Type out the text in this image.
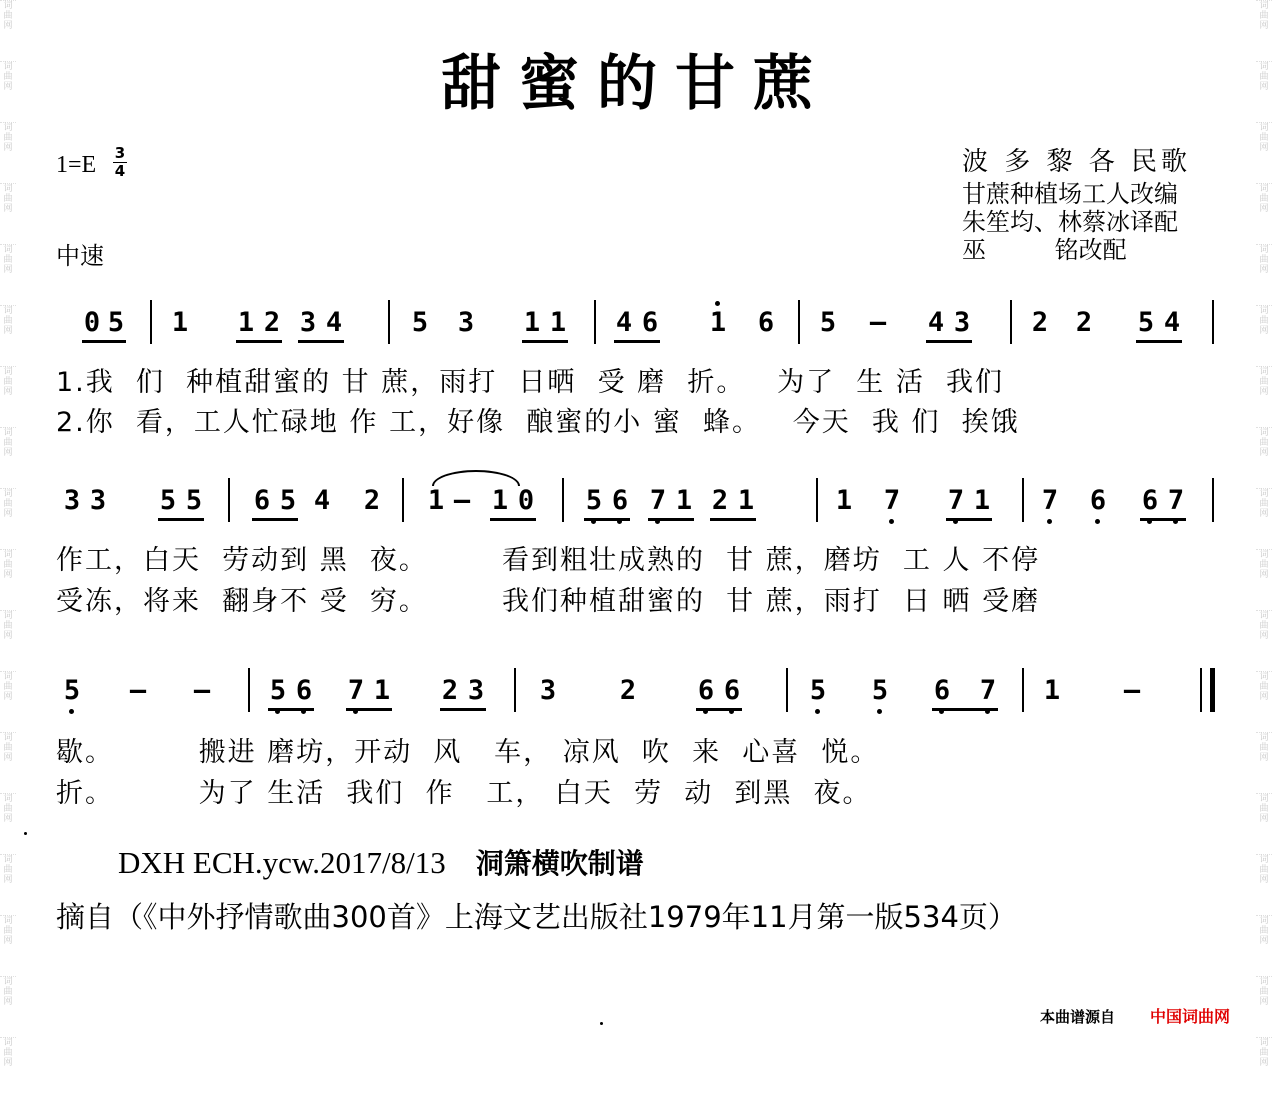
词
曲
网
词
曲
网
词
曲
网
词
曲
网
词
曲
网
词
曲
网
词
曲
网
词
曲
网
词
曲
网
词
曲
网
词
曲
网
词
曲
网
词
曲
网
词
曲
网
词
曲
网
词
曲
网
词
曲
网
词
曲
网
词
曲
网
词
曲
网
词
曲
网
词
曲
网
词
曲
网
词
曲
网
词
曲
网
词
曲
网
词
曲
网
词
曲
网
词
曲
网
词
曲
网
词
曲
网
词
曲
网
词
曲
网
词
曲
网
词
曲
网
词
曲
网
甜蜜的甘蔗
1=E 3
4
中速
波 多 黎 各 民歌
甘蔗种植场工人改编
朱笙均、林蔡冰译配
巫         铭改配
0 5 1 1 2 3 4	5 3 1 1 4 6 1 6 5 – 4 3 2 2 5 4
3 3 5 5 6 5 4 2 1 – 1 0 5 6 7 1 2 1	1 7 7 1 7 6 6 7
5 – – 5 6 7 1 2 3 3 2 6 6	5 5 6 7 1 –
1.我  们  种植甜蜜的 甘 蔗，雨打  日晒  受 磨  折。   为了  生 活  我们
2.你  看，工人忙碌地 作 工，好像  酿蜜的小 蜜  蜂。   今天  我 们  挨饿
作工，白天  劳动到 黑  夜。       看到粗壮成熟的  甘 蔗，磨坊  工 人 不停
受冻，将来  翻身不 受  穷。       我们种植甜蜜的  甘 蔗，雨打  日 晒 受磨
歇。        搬进 磨坊，开动  风   车， 凉风  吹  来  心喜  悦。
折。        为了 生活  我们  作   工， 白天  劳  动  到黑  夜。
DXH ECH.ycw.2017/8/13 洞箫横吹制谱
摘自（《中外抒情歌曲300首》上海文艺出版社1979年11月第一版534页）
本曲谱源自 中国词曲网
